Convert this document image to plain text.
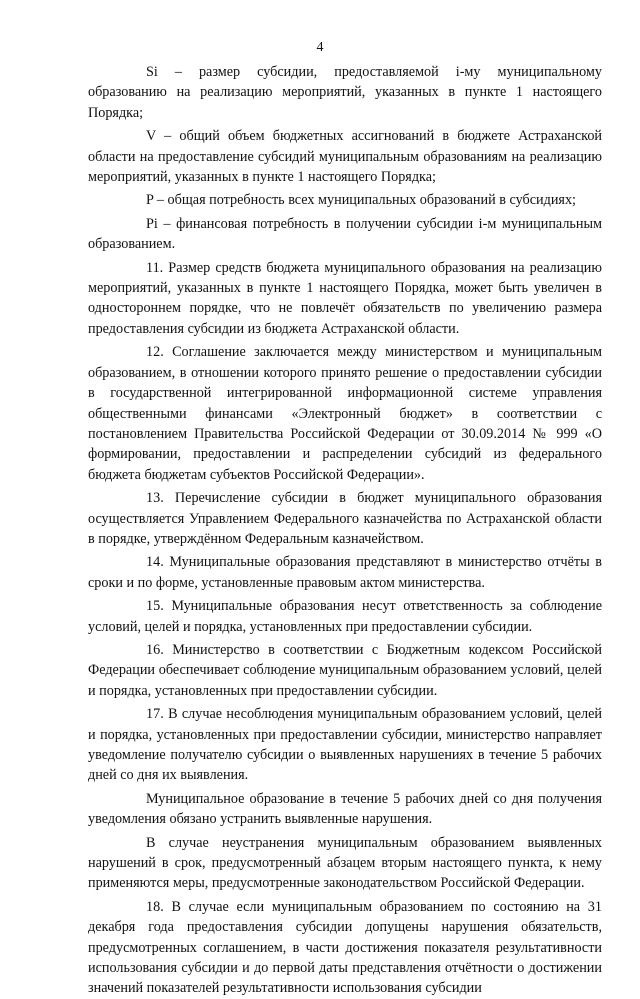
4

Si – размер субсидии, предоставляемой i-му муниципальному образованию на реализацию мероприятий, указанных в пункте 1 настоящего Порядка;

V – общий объем бюджетных ассигнований в бюджете Астраханской области на предоставление субсидий муниципальным образованиям на реализацию мероприятий, указанных в пункте 1 настоящего Порядка;

P – общая потребность всех муниципальных образований в субсидиях;

Pi – финансовая потребность в получении субсидии i-м муниципальным образованием.

11. Размер средств бюджета муниципального образования на реализацию мероприятий, указанных в пункте 1 настоящего Порядка, может быть увеличен в одностороннем порядке, что не повлечёт обязательств по увеличению размера предоставления субсидии из бюджета Астраханской области.

12. Соглашение заключается между министерством и муниципальным образованием, в отношении которого принято решение о предоставлении субсидии в государственной интегрированной информационной системе управления общественными финансами «Электронный бюджет» в соответствии с постановлением Правительства Российской Федерации от 30.09.2014 № 999 «О формировании, предоставлении и распределении субсидий из федерального бюджета бюджетам субъектов Российской Федерации».

13. Перечисление субсидии в бюджет муниципального образования осуществляется Управлением Федерального казначейства по Астраханской области в порядке, утверждённом Федеральным казначейством.

14. Муниципальные образования представляют в министерство отчёты в сроки и по форме, установленные правовым актом министерства.

15. Муниципальные образования несут ответственность за соблюдение условий, целей и порядка, установленных при предоставлении субсидии.

16. Министерство в соответствии с Бюджетным кодексом Российской Федерации обеспечивает соблюдение муниципальным образованием условий, целей и порядка, установленных при предоставлении субсидии.

17. В случае несоблюдения муниципальным образованием условий, целей и порядка, установленных при предоставлении субсидии, министерство направляет уведомление получателю субсидии о выявленных нарушениях в течение 5 рабочих дней со дня их выявления.

Муниципальное образование в течение 5 рабочих дней со дня получения уведомления обязано устранить выявленные нарушения.

В случае неустранения муниципальным образованием выявленных нарушений в срок, предусмотренный абзацем вторым настоящего пункта, к нему применяются меры, предусмотренные законодательством Российской Федерации.

18. В случае если муниципальным образованием по состоянию на 31 декабря года предоставления субсидии допущены нарушения обязательств, предусмотренных соглашением, в части достижения показателя результативности использования субсидии и до первой даты представления отчётности о достижении значений показателей результативности использования субсидии
